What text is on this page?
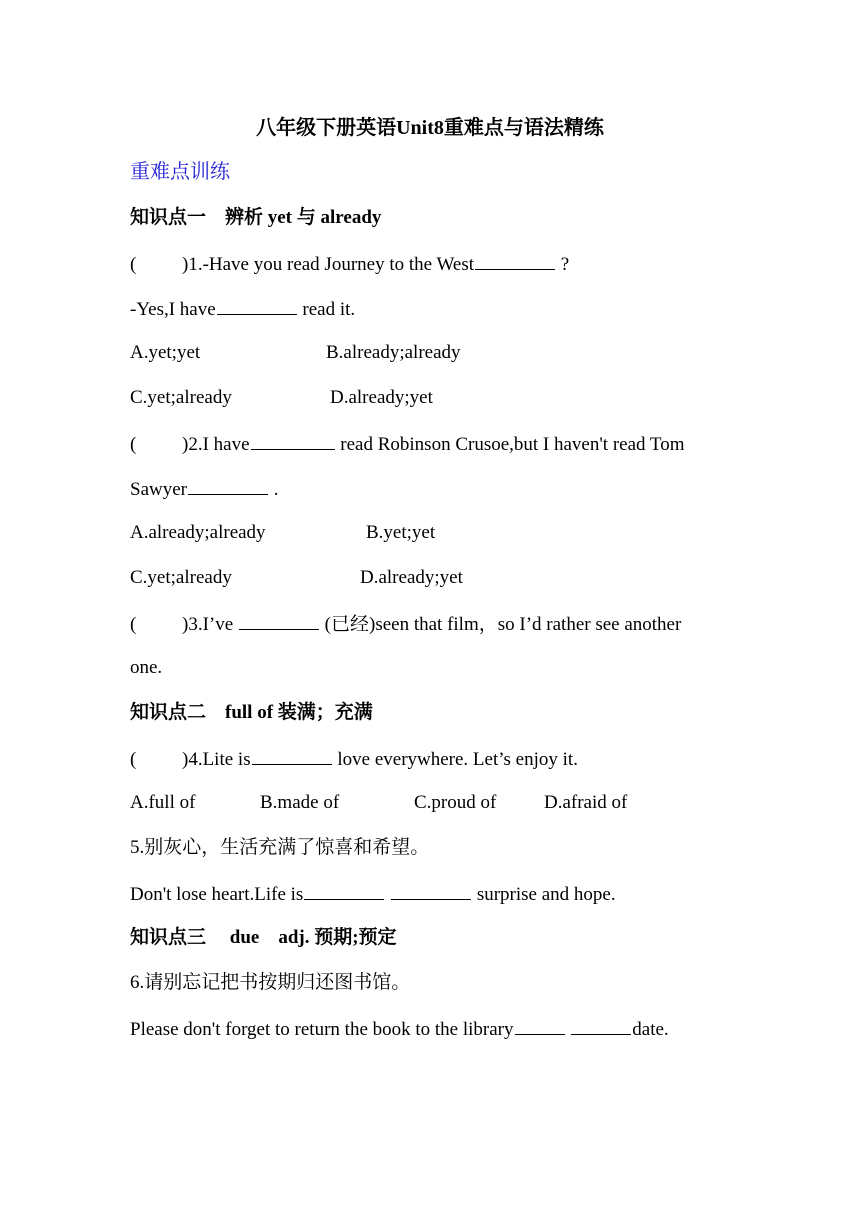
八年级下册英语Unit8重难点与语法精练
重难点训练
知识点一　辨析 yet 与 already
( )1.-Have you read Journey to the West	?
-Yes,I have	read it.
A.yet;yet	B.already;already
C.yet;already	D.already;yet
( )2.I have	read Robinson Crusoe,but I haven't read Tom
Sawyer	.
A.already;already	B.yet;yet
C.yet;already	D.already;yet
( )3.I’ve	(已经)seen that film，so I’d rather see another
one.
知识点二　full of 装满；充满
( )4.Lite is	love everywhere. Let’s enjoy it.
A.full of	B.made of	C.proud of	D.afraid of
5.别灰心，生活充满了惊喜和希望。
Don't lose heart.Life is	surprise and hope.
知识点三　 due　adj. 预期;预定
6.请别忘记把书按期归还图书馆。
Please don't forget to return the book to the library	date.
